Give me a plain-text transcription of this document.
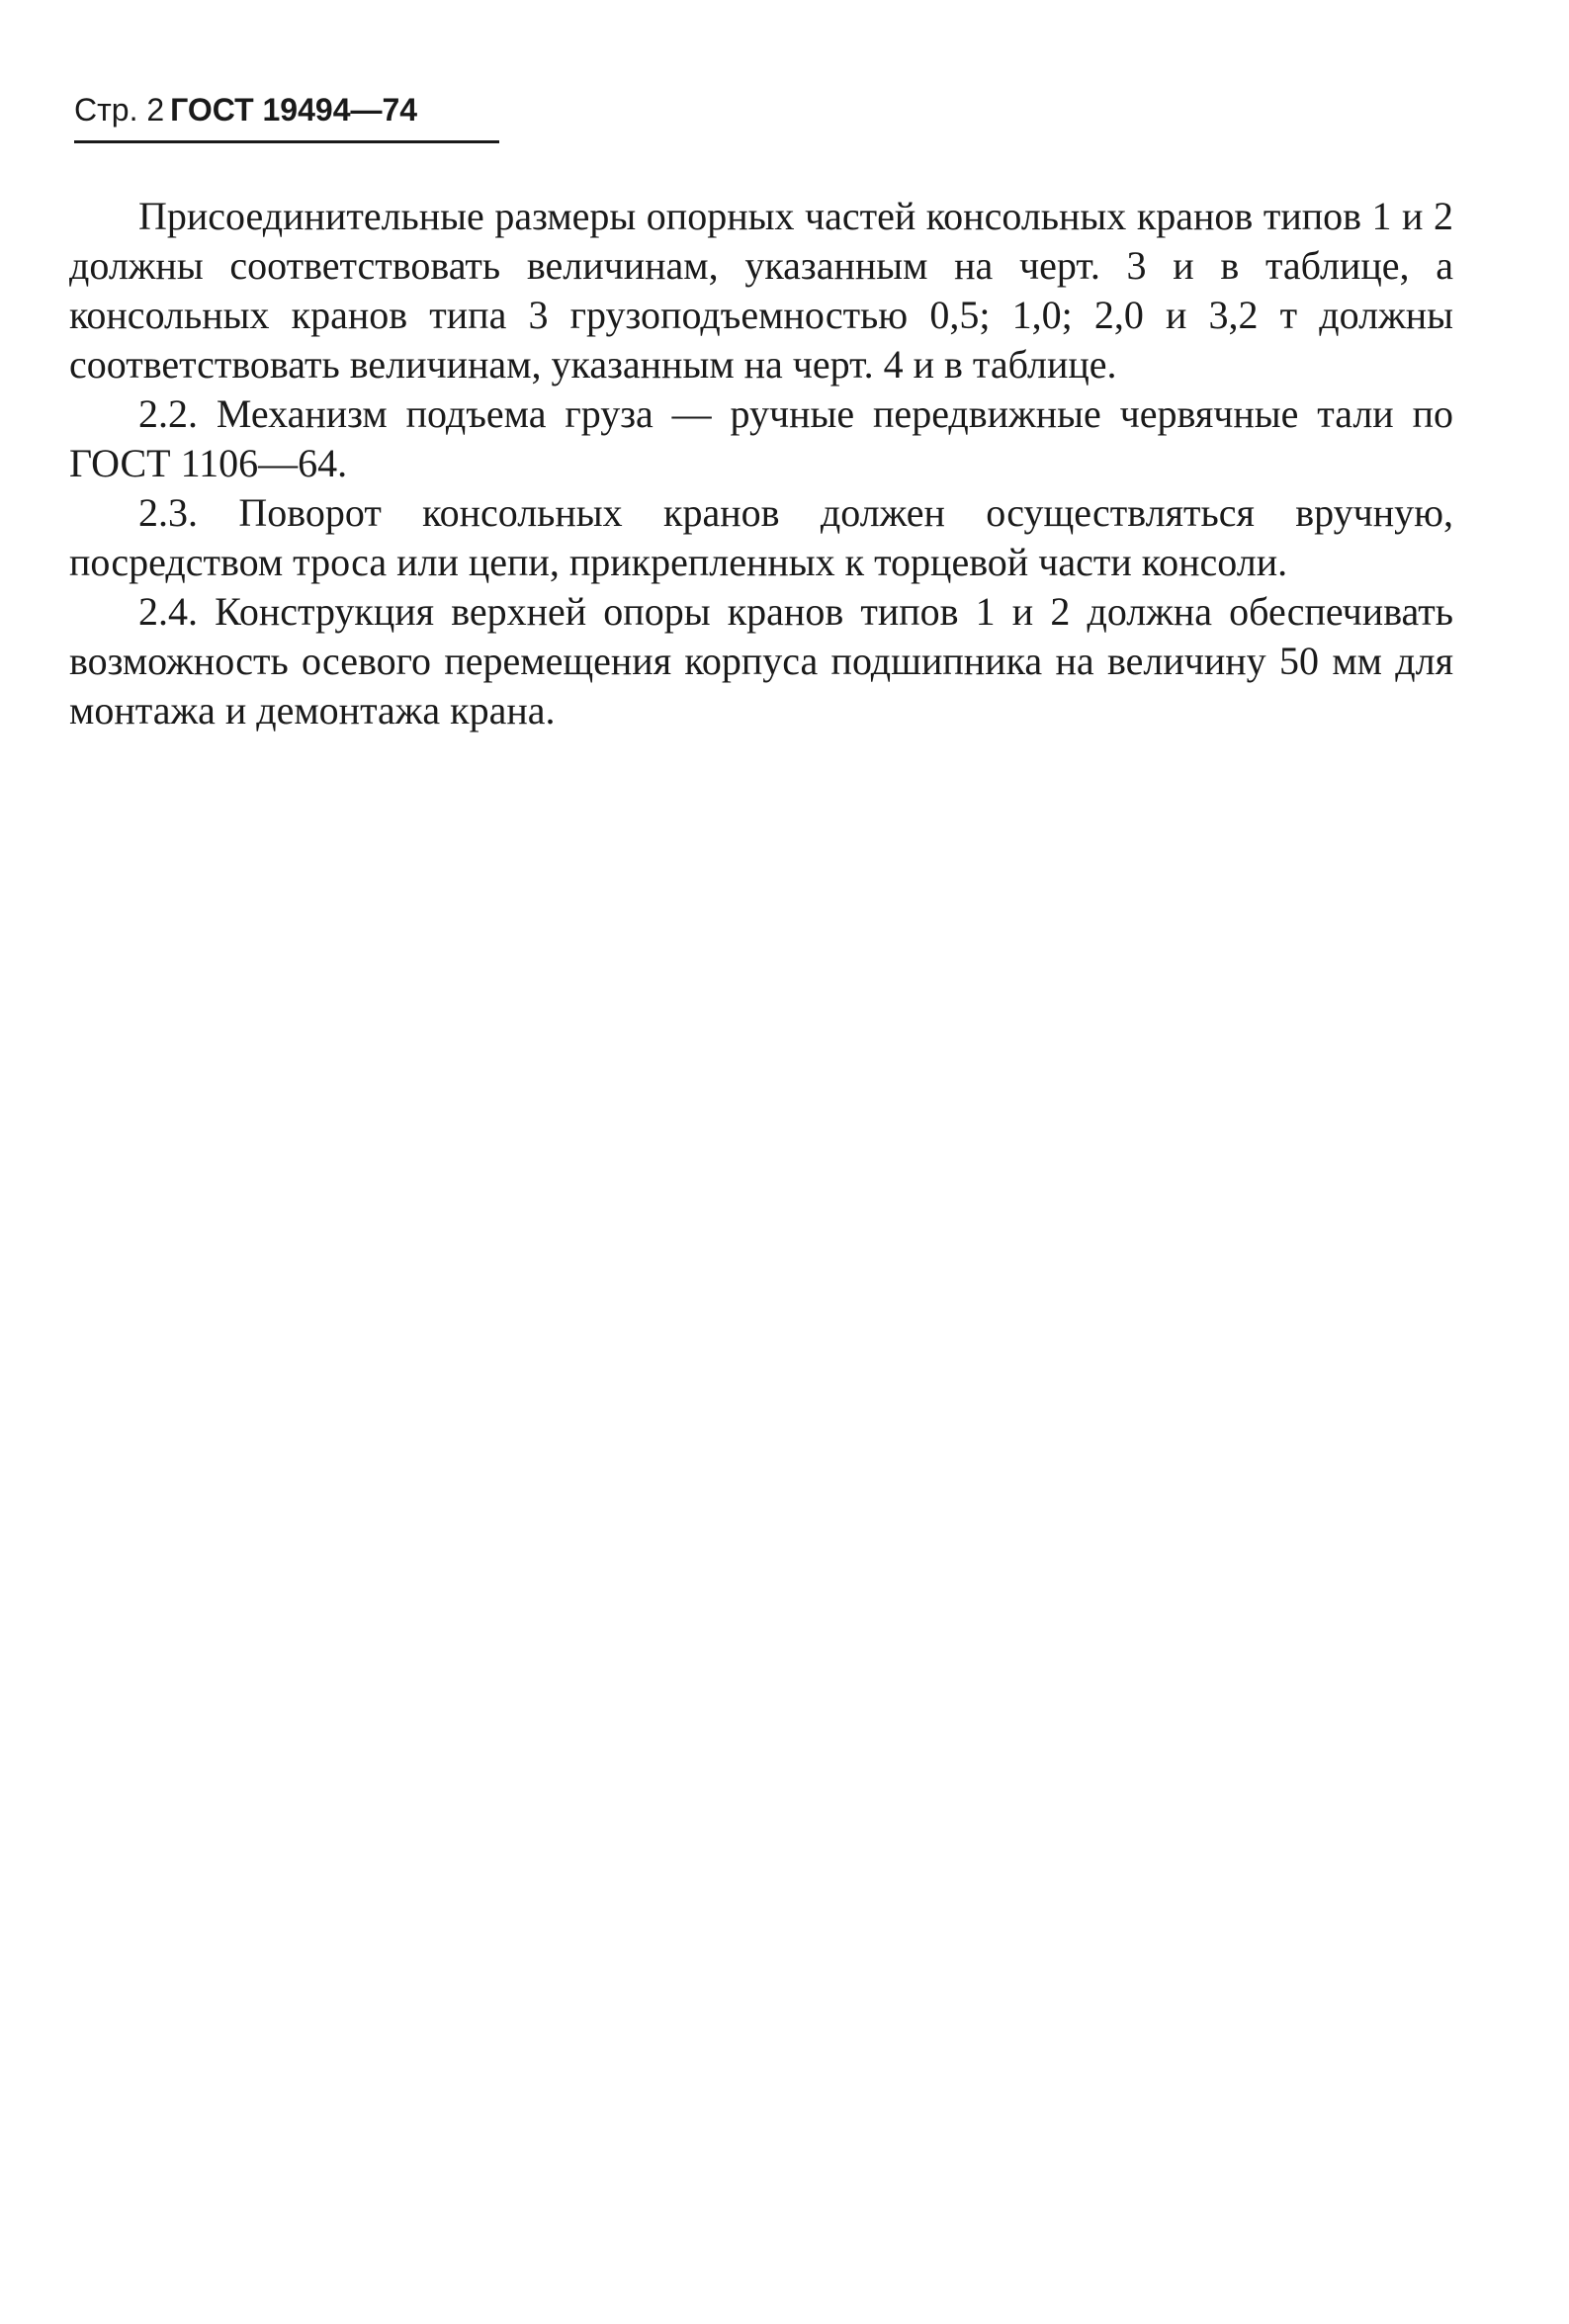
Стр. 2 ГОСТ 19494—74

Присоединительные размеры опорных частей консольных кранов типов 1 и 2 должны соответствовать величинам, указанным на черт. 3 и в таблице, а консольных кранов типа 3 грузоподъемностью 0,5; 1,0; 2,0 и 3,2 т должны соответствовать величинам, указанным на черт. 4 и в таблице.

2.2. Механизм подъема груза — ручные передвижные червячные тали по ГОСТ 1106—64.

2.3. Поворот консольных кранов должен осуществляться вручную, посредством троса или цепи, прикрепленных к торцевой части консоли.

2.4. Конструкция верхней опоры кранов типов 1 и 2 должна обеспечивать возможность осевого перемещения корпуса подшипника на величину 50 мм для монтажа и демонтажа крана.
